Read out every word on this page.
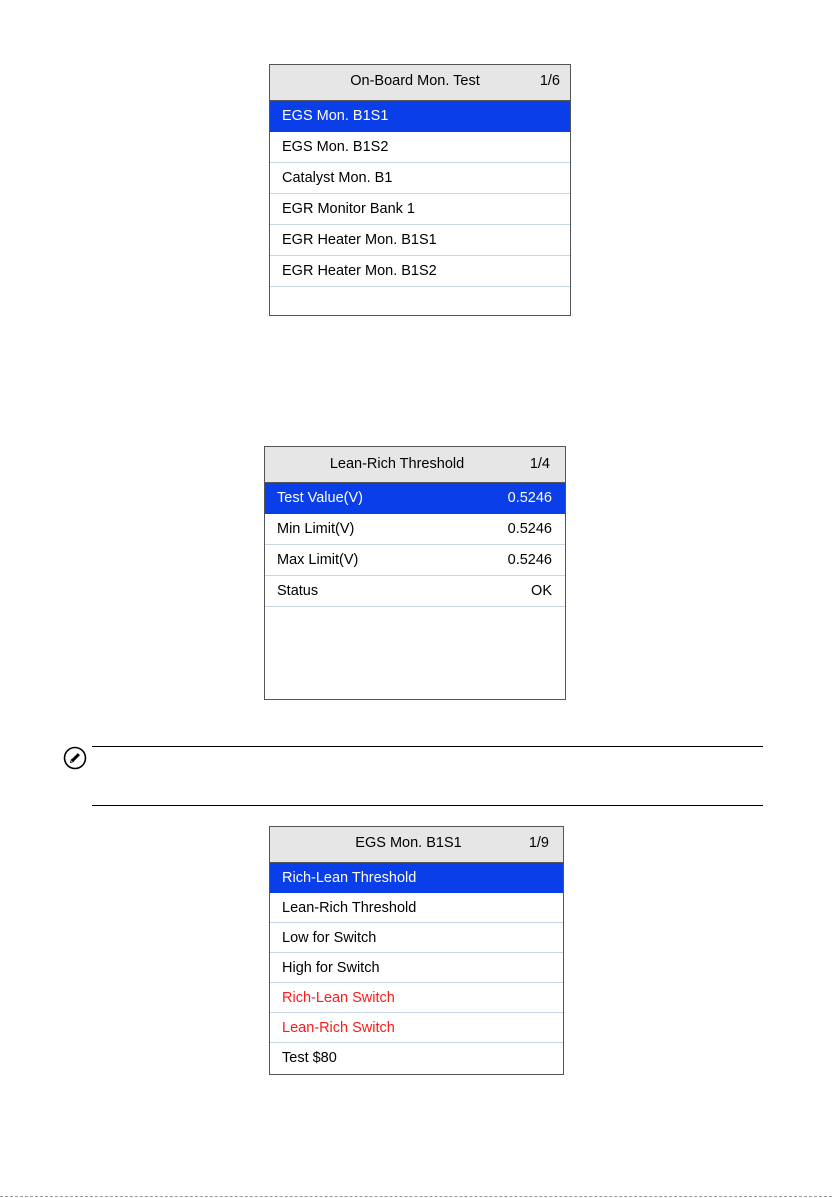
On-Board Mon. Test	1/6
EGS Mon. B1S1
EGS Mon. B1S2
Catalyst Mon. B1
EGR Monitor Bank 1
EGR Heater Mon. B1S1
EGR Heater Mon. B1S2
Lean-Rich Threshold	1/4
Test Value(V)	0.5246
Min Limit(V)	0.5246
Max Limit(V)	0.5246
Status	OK
EGS Mon. B1S1	1/9
Rich-Lean Threshold
Lean-Rich Threshold
Low for Switch
High for Switch
Rich-Lean Switch
Lean-Rich Switch
Test $80
